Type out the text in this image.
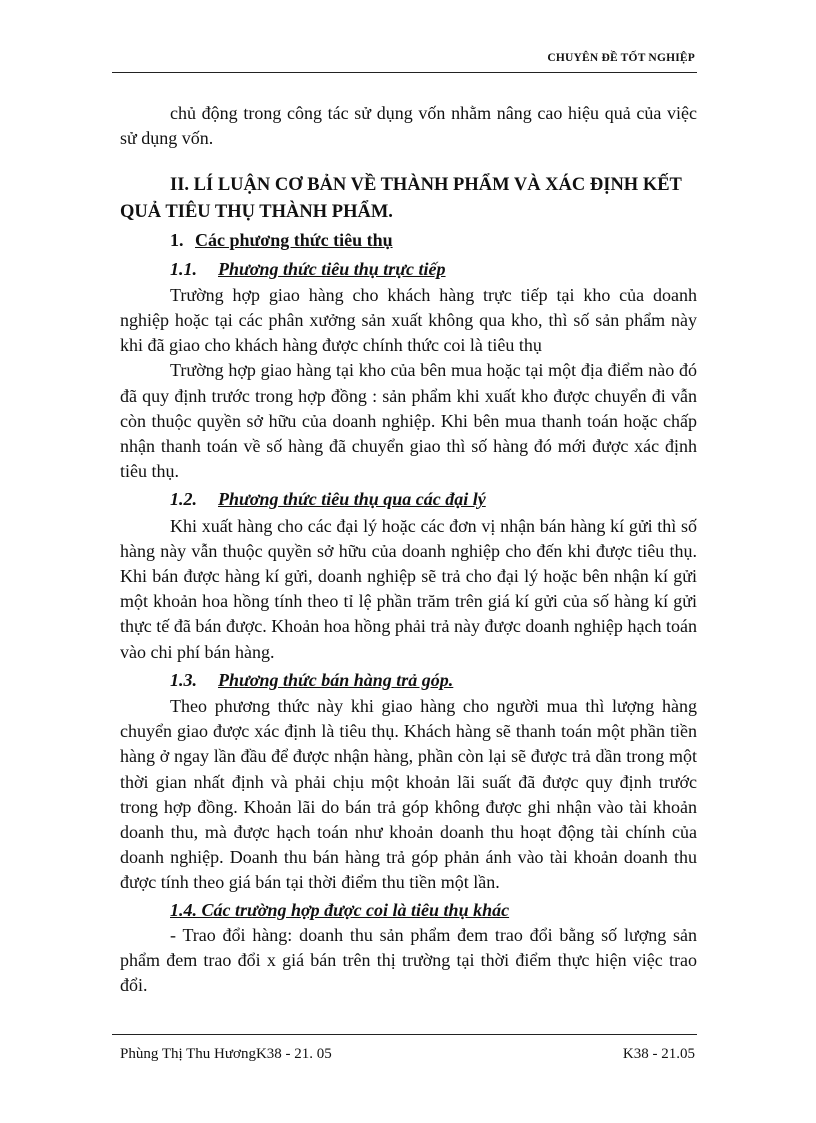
CHUYÊN ĐỀ TỐT NGHIỆP

chủ động trong công tác sử dụng vốn nhằm nâng cao hiệu quả của việc sử dụng vốn.

II. LÍ LUẬN CƠ BẢN VỀ THÀNH PHẨM VÀ XÁC ĐỊNH KẾT QUẢ TIÊU THỤ THÀNH PHẨM.
1. Các phương thức tiêu thụ
1.1. Phương thức tiêu thụ trực tiếp

Trường hợp giao hàng cho khách hàng trực tiếp tại kho của doanh nghiệp hoặc tại các phân xưởng sản xuất không qua kho, thì số sản phẩm này khi đã giao cho khách hàng được chính thức coi là tiêu thụ

Trường hợp giao hàng tại kho của bên mua hoặc tại một địa điểm nào đó đã quy định trước trong hợp đồng : sản phẩm khi xuất kho được chuyển đi vẫn còn thuộc quyền sở hữu của doanh nghiệp. Khi bên mua thanh toán hoặc chấp nhận thanh toán về số hàng đã chuyển giao thì số hàng đó mới được xác định tiêu thụ.

1.2. Phương thức tiêu thụ qua các đại lý

Khi xuất hàng cho các đại lý hoặc các đơn vị nhận bán hàng kí gửi thì số hàng này vẫn thuộc quyền sở hữu của doanh nghiệp cho đến khi được tiêu thụ. Khi bán được hàng kí gửi, doanh nghiệp sẽ trả cho đại lý hoặc bên nhận kí gửi một khoản hoa hồng tính theo tỉ lệ phần trăm trên giá kí gửi của số hàng kí gửi thực tế đã bán được. Khoản hoa hồng phải trả này được doanh nghiệp hạch toán vào chi phí bán hàng.

1.3. Phương thức bán hàng trả góp.

Theo phương thức này khi giao hàng cho người mua thì lượng hàng chuyển giao được xác định là tiêu thụ. Khách hàng sẽ thanh toán một phần tiền hàng ở ngay lần đầu để được nhận hàng, phần còn lại sẽ được trả dần trong một thời gian nhất định và phải chịu một khoản lãi suất đã được quy định trước trong hợp đồng. Khoản lãi do bán trả góp không được ghi nhận vào tài khoản doanh thu, mà được hạch toán như khoản doanh thu hoạt động tài chính của doanh nghiệp. Doanh thu bán hàng trả góp phản ánh vào tài khoản doanh thu được tính theo giá bán tại thời điểm thu tiền một lần.

1.4. Các trường hợp được coi là tiêu thụ khác

- Trao đổi hàng: doanh thu sản phẩm đem trao đổi bằng số lượng sản phẩm đem trao đổi x giá bán trên thị trường tại thời điểm thực hiện việc trao đổi.

Phùng Thị Thu HươngK38 - 21. 05	K38 - 21.05
